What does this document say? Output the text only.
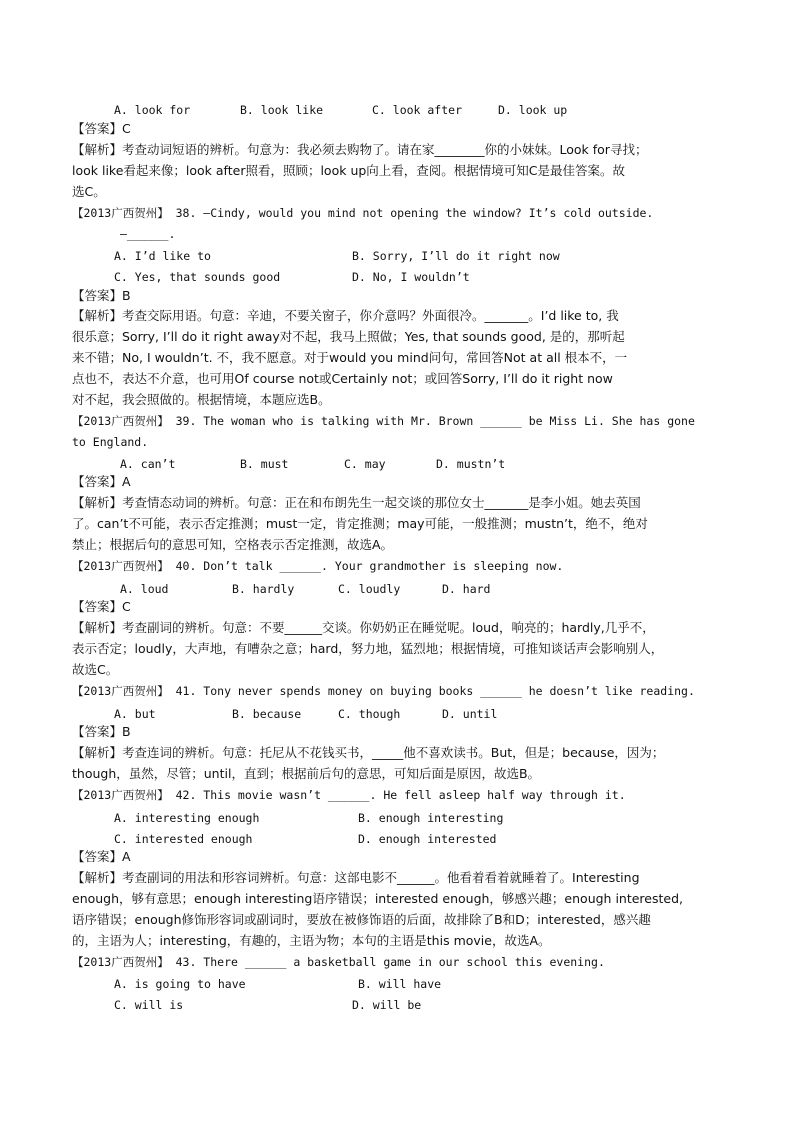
A. look for	B. look like	C. look after	D. look up
【答案】C
【解析】考查动词短语的辨析。句意为：我必须去购物了。请在家________你的小妹妹。Look for寻找；
look like看起来像；look after照看，照顾；look up向上看，查阅。根据情境可知C是最佳答案。故
选C。
【2013广西贺州】 38. —Cindy, would you mind not opening the window? It’s cold outside.
—______.
A. I’d like to	B. Sorry, I’ll do it right now
C. Yes, that sounds good	D. No, I wouldn’t
【答案】B
【解析】考查交际用语。句意：辛迪，不要关窗子，你介意吗？外面很冷。_______。I’d like to, 我
很乐意；Sorry, I’ll do it right away对不起，我马上照做；Yes, that sounds good, 是的，那听起
来不错；No, I wouldn’t. 不，我不愿意。对于would you mind问句，常回答Not at all 根本不，一
点也不，表达不介意，也可用Of course not或Certainly not；或回答Sorry, I’ll do it right now
对不起，我会照做的。根据情境，本题应选B。
【2013广西贺州】 39. The woman who is talking with Mr. Brown ______ be Miss Li. She has gone
to England.
A. can’t	B. must	C. may	D. mustn’t
【答案】A
【解析】考查情态动词的辨析。句意：正在和布朗先生一起交谈的那位女士_______是李小姐。她去英国
了。can’t不可能，表示否定推测；must一定，肯定推测；may可能，一般推测；mustn’t，绝不，绝对
禁止；根据后句的意思可知，空格表示否定推测，故选A。
【2013广西贺州】 40. Don’t talk ______. Your grandmother is sleeping now.
A. loud	B. hardly	C. loudly	D. hard
【答案】C
【解析】考查副词的辨析。句意：不要______交谈。你奶奶正在睡觉呢。loud，响亮的；hardly,几乎不，
表示否定；loudly，大声地，有嘈杂之意；hard，努力地，猛烈地；根据情境，可推知谈话声会影响别人，
故选C。
【2013广西贺州】 41. Tony never spends money on buying books ______ he doesn’t like reading.
A. but	B. because	C. though	D. until
【答案】B
【解析】考查连词的辨析。句意：托尼从不花钱买书，_____他不喜欢读书。But，但是；because，因为；
though，虽然，尽管；until，直到；根据前后句的意思，可知后面是原因，故选B。
【2013广西贺州】 42. This movie wasn’t ______. He fell asleep half way through it.
A. interesting enough	B. enough interesting
C. interested enough	D. enough interested
【答案】A
【解析】考查副词的用法和形容词辨析。句意：这部电影不______。他看着看着就睡着了。Interesting
enough，够有意思；enough interesting语序错误；interested enough，够感兴趣；enough interested,
语序错误；enough修饰形容词或副词时，要放在被修饰语的后面，故排除了B和D；interested，感兴趣
的，主语为人；interesting，有趣的，主语为物；本句的主语是this movie，故选A。
【2013广西贺州】 43. There ______ a basketball game in our school this evening.
A. is going to have	B. will have
C. will is	D. will be
